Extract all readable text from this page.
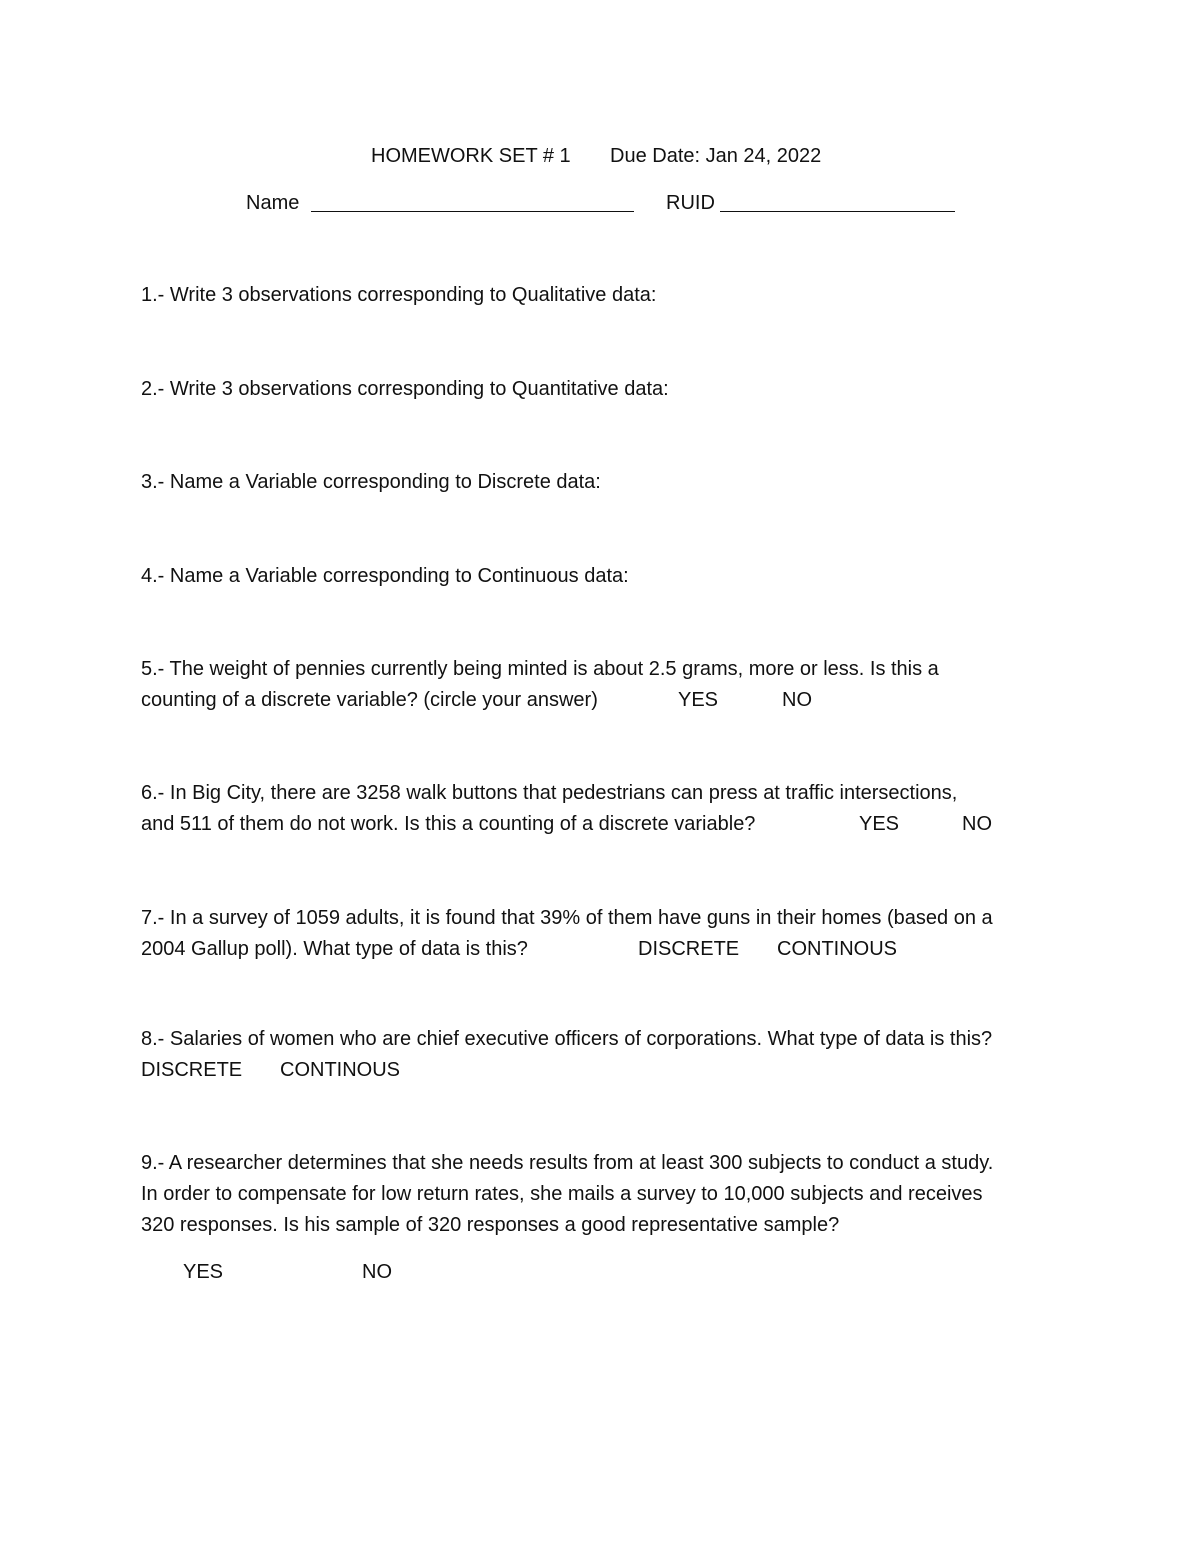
HOMEWORK SET # 1 Due Date: Jan 24, 2022
Name	RUID

1.- Write 3 observations corresponding to Qualitative data:

2.- Write 3 observations corresponding to Quantitative data:

3.- Name a Variable corresponding to Discrete data:

4.- Name a Variable corresponding to Continuous data:

5.- The weight of pennies currently being minted is about 2.5 grams, more or less. Is this a

counting of a discrete variable? (circle your answer)	YES	NO

6.- In Big City, there are 3258 walk buttons that pedestrians can press at traffic intersections,

and 511 of them do not work. Is this a counting of a discrete variable?	YES	NO

7.- In a survey of 1059 adults, it is found that 39% of them have guns in their homes (based on a

2004 Gallup poll). What type of data is this?	DISCRETE CONTINOUS

8.- Salaries of women who are chief executive officers of corporations. What type of data is this?

DISCRETE CONTINOUS

9.- A researcher determines that she needs results from at least 300 subjects to conduct a study.

In order to compensate for low return rates, she mails a survey to 10,000 subjects and receives

320 responses. Is his sample of 320 responses a good representative sample?

YES	NO
